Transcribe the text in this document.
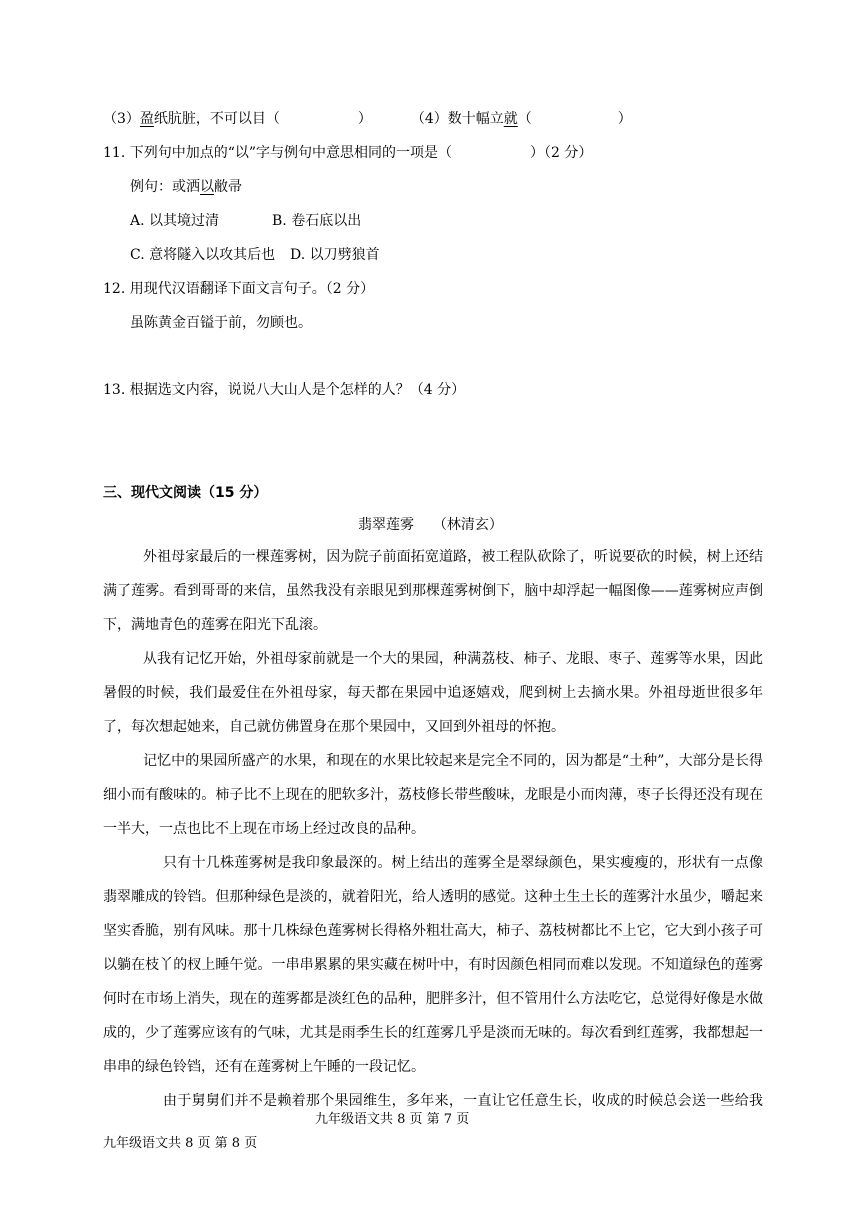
（3）盈纸肮脏，不可以目（	）	（4）数十幅立就（	）
11. 下列句中加点的“以”字与例句中意思相同的一项是（	）（2 分）
例句：或洒以敝帚
A. 以其境过清	B. 卷石底以出
C. 意将隧入以攻其后也 D. 以刀劈狼首
12. 用现代汉语翻译下面文言句子。（2 分）
虽陈黄金百镒于前，勿顾也。
13. 根据选文内容，说说八大山人是个怎样的人？（4 分）
三、现代文阅读（15 分）
翡翠莲雾 （林清玄）
外祖母家最后的一棵莲雾树，因为院子前面拓宽道路，被工程队砍除了，听说要砍的时候，树上还结满了莲雾。看到哥哥的来信，虽然我没有亲眼见到那棵莲雾树倒下，脑中却浮起一幅图像——莲雾树应声倒下，满地青色的莲雾在阳光下乱滚。
从我有记忆开始，外祖母家前就是一个大的果园，种满荔枝、柿子、龙眼、枣子、莲雾等水果，因此暑假的时候，我们最爱住在外祖母家，每天都在果园中追逐嬉戏，爬到树上去摘水果。外祖母逝世很多年了，每次想起她来，自己就仿佛置身在那个果园中，又回到外祖母的怀抱。
记忆中的果园所盛产的水果，和现在的水果比较起来是完全不同的，因为都是“土种”，大部分是长得细小而有酸味的。柿子比不上现在的肥软多汁，荔枝修长带些酸味，龙眼是小而肉薄，枣子长得还没有现在一半大，一点也比不上现在市场上经过改良的品种。
只有十几株莲雾树是我印象最深的。树上结出的莲雾全是翠绿颜色，果实瘦瘦的，形状有一点像翡翠雕成的铃铛。但那种绿色是淡的，就着阳光，给人透明的感觉。这种土生土长的莲雾汁水虽少，嚼起来坚实香脆，别有风味。那十几株绿色莲雾树长得格外粗壮高大，柿子、荔枝树都比不上它，它大到小孩子可以躺在枝丫的杈上睡午觉。一串串累累的果实藏在树叶中，有时因颜色相同而难以发现。不知道绿色的莲雾何时在市场上消失，现在的莲雾都是淡红色的品种，肥胖多汁，但不管用什么方法吃它，总觉得好像是水做成的，少了莲雾应该有的气味，尤其是雨季生长的红莲雾几乎是淡而无味的。每次看到红莲雾，我都想起一串串的绿色铃铛，还有在莲雾树上午睡的一段记忆。
由于舅舅们并不是赖着那个果园维生，多年来，一直让它任意生长，收成的时候总会送一些给我
九年级语文共 8 页 第 7 页
九年级语文共 8 页 第 8 页
